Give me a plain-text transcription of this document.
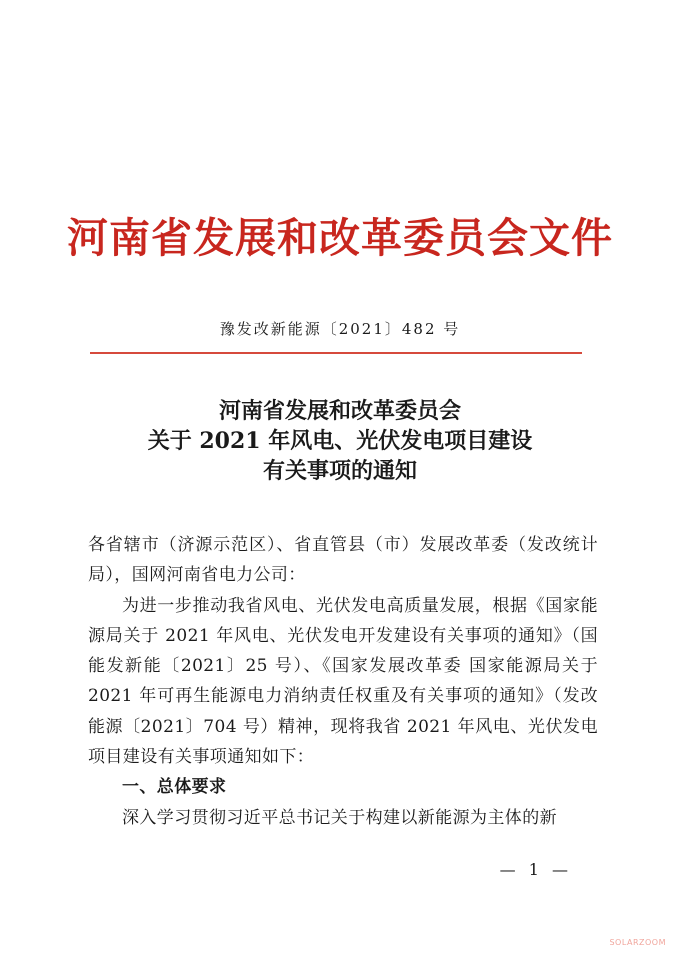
河南省发展和改革委员会文件
豫发改新能源〔2021〕482 号
河南省发展和改革委员会
关于 2021 年风电、光伏发电项目建设
有关事项的通知

各省辖市（济源示范区）、省直管县（市）发展改革委（发改统计局），国网河南省电力公司：

为进一步推动我省风电、光伏发电高质量发展，根据《国家能源局关于 2021 年风电、光伏发电开发建设有关事项的通知》（国能发新能〔2021〕25 号）、《国家发展改革委 国家能源局关于 2021 年可再生能源电力消纳责任权重及有关事项的通知》（发改能源〔2021〕704 号）精神，现将我省 2021 年风电、光伏发电项目建设有关事项通知如下：

一、总体要求

深入学习贯彻习近平总书记关于构建以新能源为主体的新

— 1 —
SOLARZOOM
